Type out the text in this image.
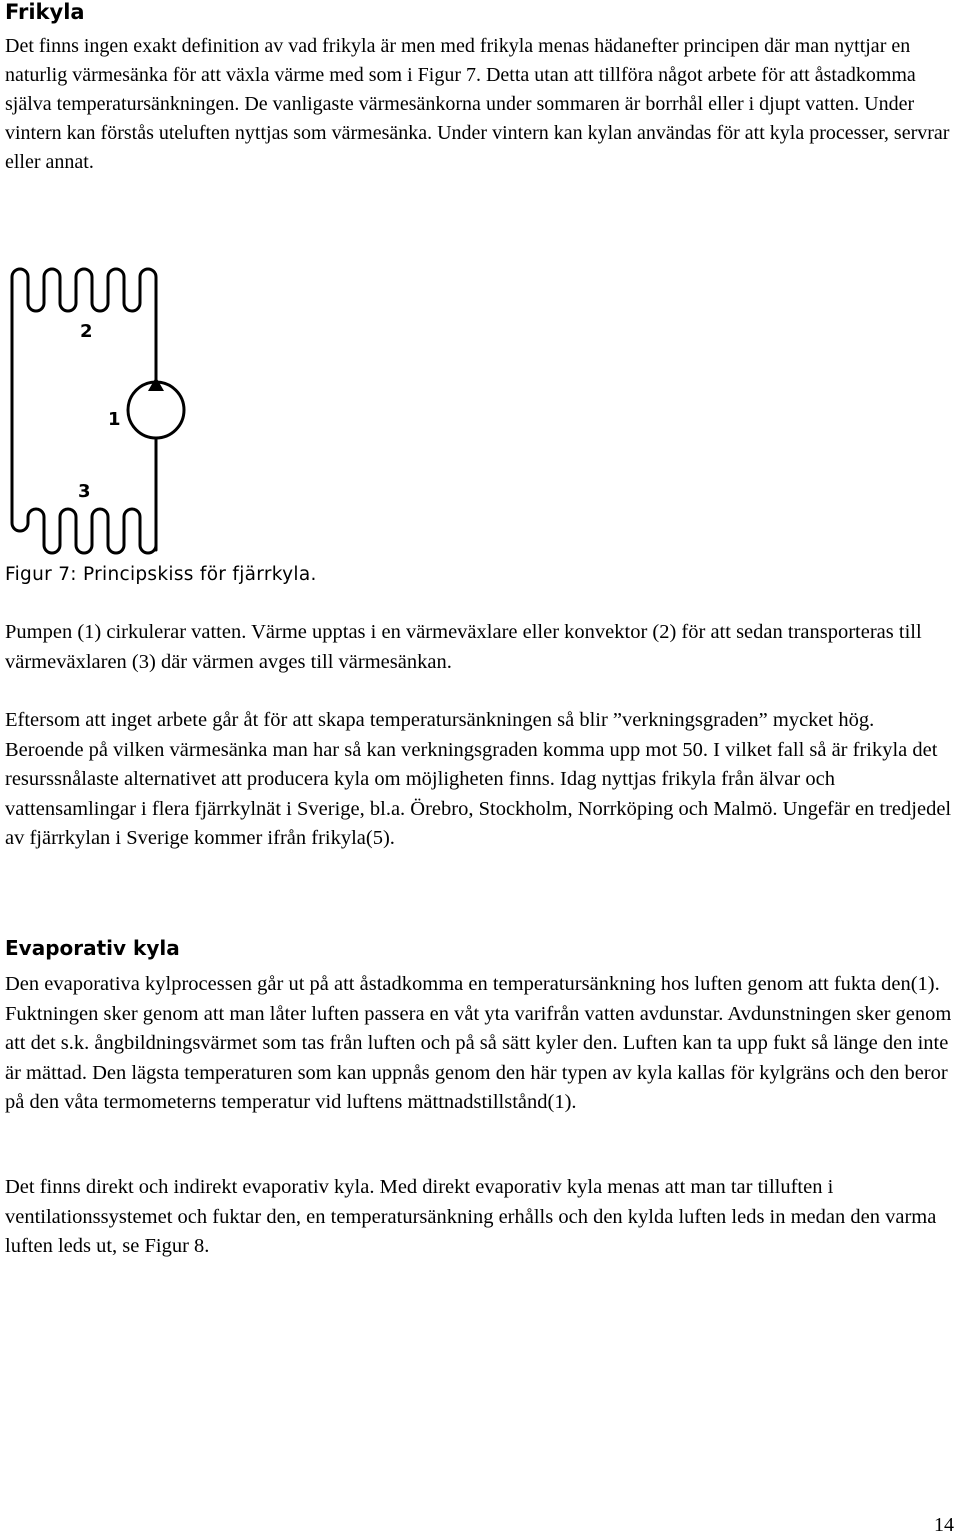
Frikyla

Det finns ingen exakt definition av vad frikyla är men med frikyla menas hädanefter principen där man nyttjar en naturlig värmesänka för att växla värme med som i Figur 7. Detta utan att tillföra något arbete för att åstadkomma själva temperatursänkningen. De vanligaste värmesänkorna under sommaren är borrhål eller i djupt vatten. Under vintern kan förstås uteluften nyttjas som värmesänka. Under vintern kan kylan användas för att kyla processer, servrar eller annat.

2
1
3
Figur 7: Principskiss för fjärrkyla.

Pumpen (1) cirkulerar vatten. Värme upptas i en värmeväxlare eller konvektor (2) för att sedan transporteras till värmeväxlaren (3) där värmen avges till värmesänkan.

Eftersom att inget arbete går åt för att skapa temperatursänkningen så blir ”verkningsgraden” mycket hög. Beroende på vilken värmesänka man har så kan verkningsgraden komma upp mot 50. I vilket fall så är frikyla det resurssnålaste alternativet att producera kyla om möjligheten finns. Idag nyttjas frikyla från älvar och vattensamlingar i flera fjärrkylnät i Sverige, bl.a. Örebro, Stockholm, Norrköping och Malmö. Ungefär en tredjedel av fjärrkylan i Sverige kommer ifrån frikyla(5).

Evaporativ kyla

Den evaporativa kylprocessen går ut på att åstadkomma en temperatursänkning hos luften genom att fukta den(1). Fuktningen sker genom att man låter luften passera en våt yta varifrån vatten avdunstar. Avdunstningen sker genom att det s.k. ångbildningsvärmet som tas från luften och på så sätt kyler den. Luften kan ta upp fukt så länge den inte är mättad. Den lägsta temperaturen som kan uppnås genom den här typen av kyla kallas för kylgräns och den beror på den våta termometerns temperatur vid luftens mättnadstillstånd(1).

Det finns direkt och indirekt evaporativ kyla. Med direkt evaporativ kyla menas att man tar tilluften i ventilationssystemet och fuktar den, en temperatursänkning erhålls och den kylda luften leds in medan den varma luften leds ut, se Figur 8.

14
